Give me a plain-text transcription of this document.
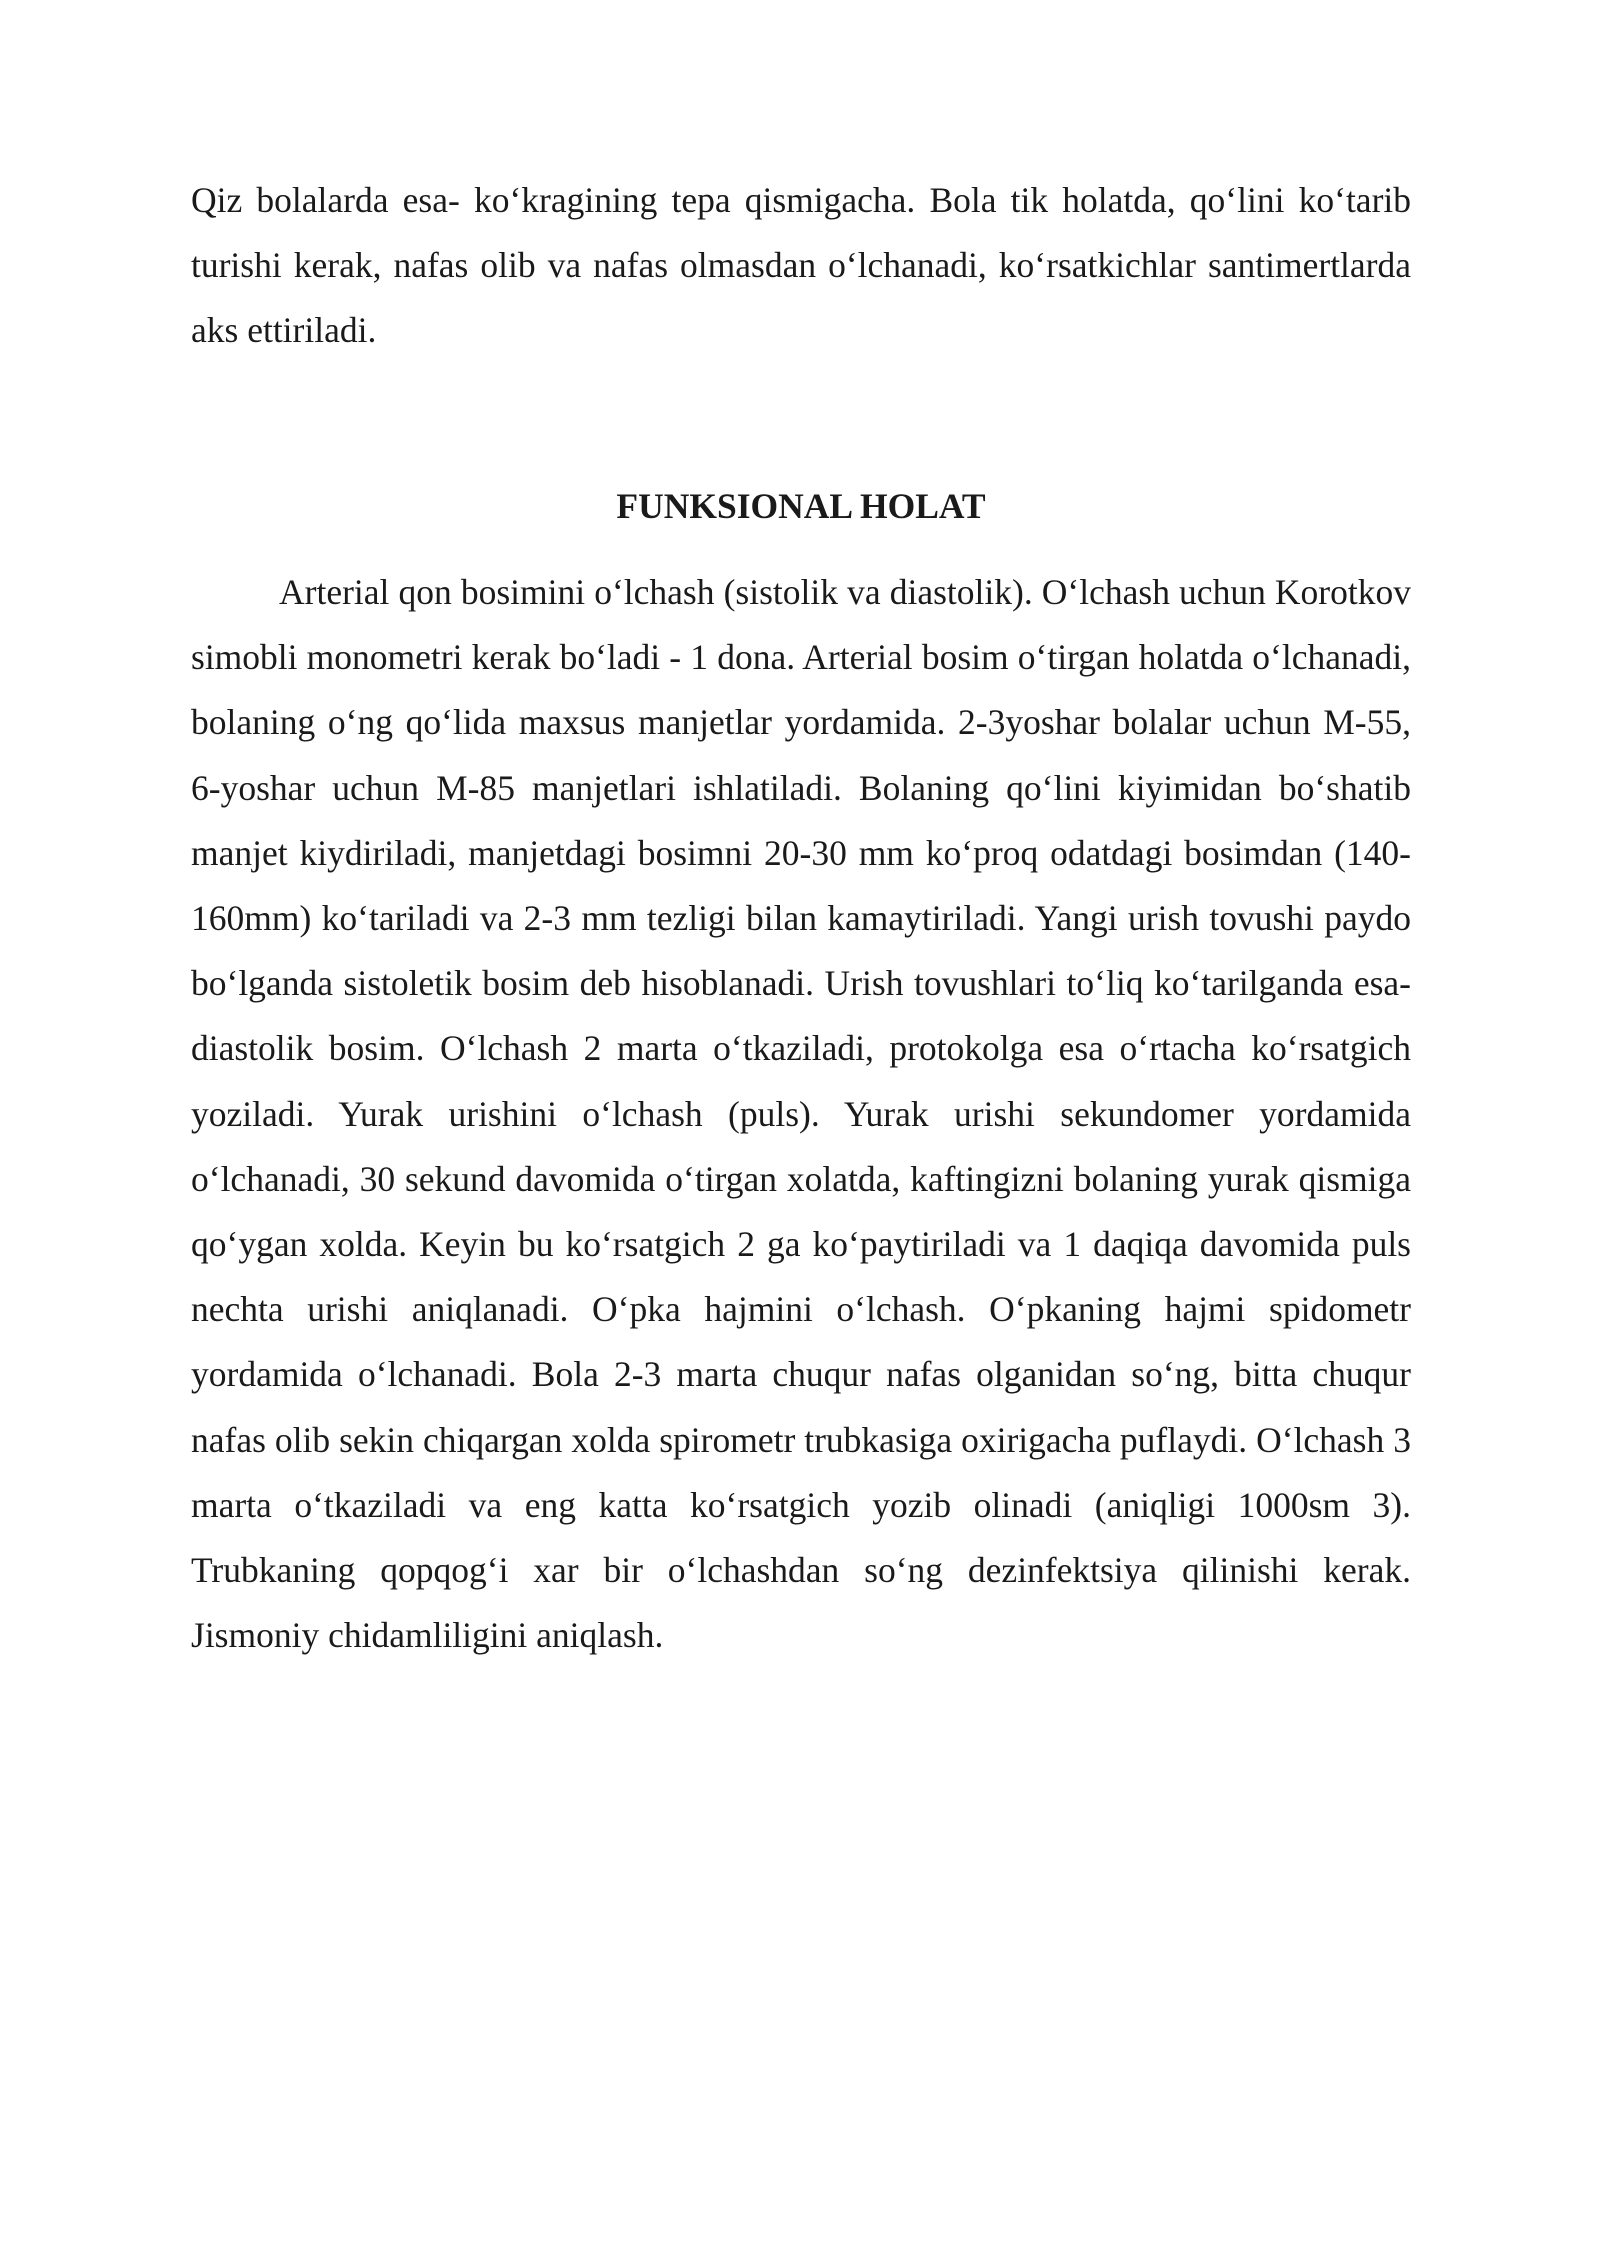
Qiz bolalarda esa- ko‘kragining tepa qismigacha. Bola tik holatda, qo‘lini ko‘tarib turishi kerak, nafas olib va nafas olmasdan o‘lchanadi, ko‘rsatkichlar santimertlarda aks ettiriladi.

FUNKSIONAL HOLAT

Arterial qon bosimini o‘lchash (sistolik va diastolik). O‘lchash uchun Korotkov simobli monometri kerak bo‘ladi - 1 dona. Arterial bosim o‘tirgan holatda o‘lchanadi, bolaning o‘ng qo‘lida maxsus manjetlar yordamida. 2-3yoshar bolalar uchun M-55, 6-yoshar uchun M-85 manjetlari ishlatiladi. Bolaning qo‘lini kiyimidan bo‘shatib manjet kiydiriladi, manjetdagi bosimni 20-30 mm ko‘proq odatdagi bosimdan (140-160mm) ko‘tariladi va 2-3 mm tezligi bilan kamaytiriladi. Yangi urish tovushi paydo bo‘lganda sistoletik bosim deb hisoblanadi. Urish tovushlari to‘liq ko‘tarilganda esa- diastolik bosim. O‘lchash 2 marta o‘tkaziladi, protokolga esa o‘rtacha ko‘rsatgich yoziladi. Yurak urishini o‘lchash (puls). Yurak urishi sekundomer yordamida o‘lchanadi, 30 sekund davomida o‘tirgan xolatda, kaftingizni bolaning yurak qismiga qo‘ygan xolda. Keyin bu ko‘rsatgich 2 ga ko‘paytiriladi va 1 daqiqa davomida puls nechta urishi aniqlanadi. O‘pka hajmini o‘lchash. O‘pkaning hajmi spidometr yordamida o‘lchanadi. Bola 2-3 marta chuqur nafas olganidan so‘ng, bitta chuqur nafas olib sekin chiqargan xolda spirometr trubkasiga oxirigacha puflaydi. O‘lchash 3 marta o‘tkaziladi va eng katta ko‘rsatgich yozib olinadi (aniqligi 1000sm 3). Trubkaning qopqog‘i xar bir o‘lchashdan so‘ng dezinfektsiya qilinishi kerak. Jismoniy chidamliligini aniqlash.
